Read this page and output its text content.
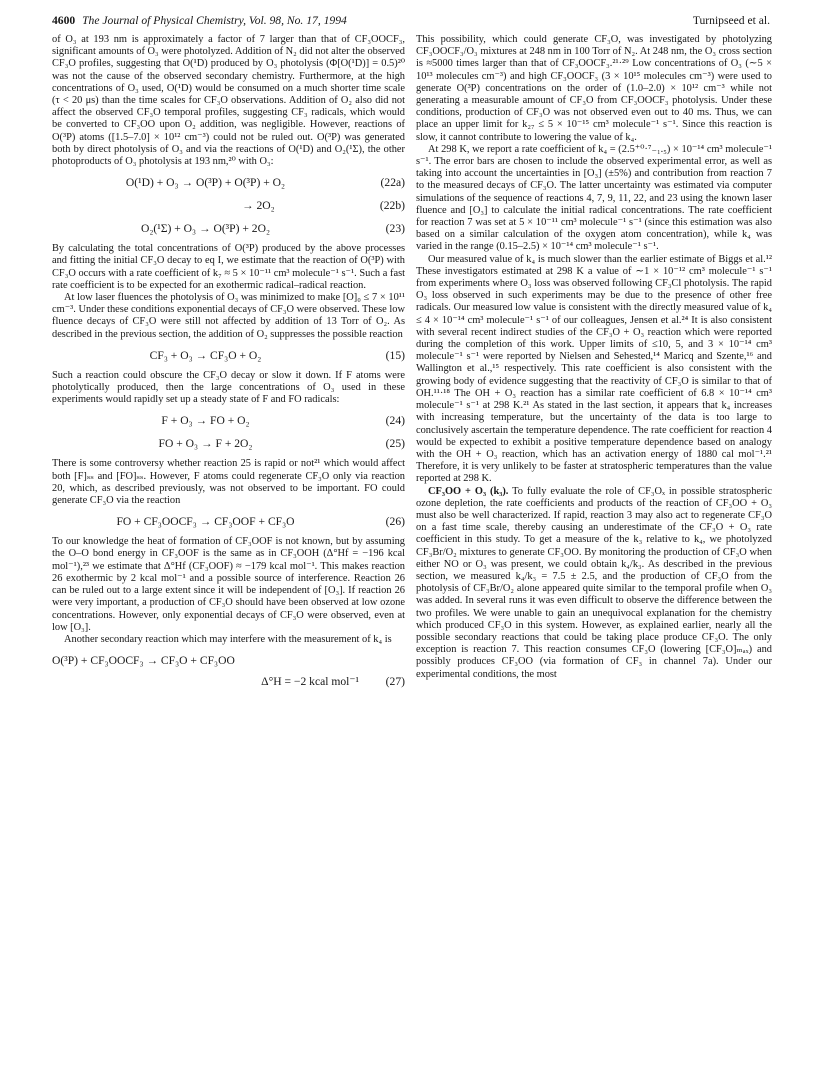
4600 The Journal of Physical Chemistry, Vol. 98, No. 17, 1994	Turnipseed et al.

of O₃ at 193 nm is approximately a factor of 7 larger than that of CF₃OOCF₃, significant amounts of O₃ were photolyzed. Addition of N₂ did not alter the observed CF₃O profiles, suggesting that O(¹D) produced by O₃ photolysis (Φ[O(¹D)] = 0.5)²⁰ was not the cause of the observed secondary chemistry. Furthermore, at the high concentrations of O₃ used, O(¹D) would be consumed on a much shorter time scale (τ < 20 μs) than the time scales for CF₃O observations. Addition of O₂ also did not affect the observed CF₃O temporal profiles, suggesting CF₃ radicals, which would be converted to CF₃OO upon O₂ addition, was negligible. However, reactions of O(³P) atoms ([1.5–7.0] × 10¹² cm⁻³) could not be ruled out. O(³P) was generated both by direct photolysis of O₃ and via the reactions of O(¹D) and O₂(¹Σ), the other photoproducts of O₃ photolysis at 193 nm,²⁰ with O₃:

O(¹D) + O₃ → O(³P) + O(³P) + O₂	(22a)
→ 2O₂	(22b)
O₂(¹Σ) + O₃ → O(³P) + 2O₂	(23)

By calculating the total concentrations of O(³P) produced by the above processes and fitting the initial CF₃O decay to eq I, we estimate that the reaction of O(³P) with CF₃O occurs with a rate coefficient of k₇ ≈ 5 × 10⁻¹¹ cm³ molecule⁻¹ s⁻¹. Such a fast rate coefficient is to be expected for an exothermic radical–radical reaction.

At low laser fluences the photolysis of O₃ was minimized to make [O]₀ ≤ 7 × 10¹¹ cm⁻³. Under these conditions exponential decays of CF₃O were observed. These low fluence decays of CF₃O were still not affected by addition of 13 Torr of O₂. As described in the previous section, the addition of O₂ suppresses the possible reaction

CF₃ + O₃ → CF₃O + O₂	(15)

Such a reaction could obscure the CF₃O decay or slow it down. If F atoms were photolytically produced, then the large concentrations of O₃ used in these experiments would rapidly set up a steady state of F and FO radicals:

F + O₃ → FO + O₂	(24)
FO + O₃ → F + 2O₂	(25)

There is some controversy whether reaction 25 is rapid or not²¹ which would affect both [F]ₛₛ and [FO]ₛₛ. However, F atoms could regenerate CF₃O only via reaction 20, which, as described previously, was not observed to be important. FO could generate CF₃O via the reaction

FO + CF₃OOCF₃ → CF₃OOF + CF₃O	(26)

To our knowledge the heat of formation of CF₃OOF is not known, but by assuming the O–O bond energy in CF₃OOF is the same as in CF₃OOH (Δ°Hf = −196 kcal mol⁻¹),²³ we estimate that Δ°Hf (CF₃OOF) ≈ −179 kcal mol⁻¹. This makes reaction 26 exothermic by 2 kcal mol⁻¹ and a possible source of interference. Reaction 26 can be ruled out to a large extent since it will be independent of [O₃]. If reaction 26 were very important, a production of CF₃O should have been observed at low ozone concentrations. However, only exponential decays of CF₃O were observed, even at low [O₃].

Another secondary reaction which may interfere with the measurement of k₄ is

O(³P) + CF₃OOCF₃ → CF₃O + CF₃OO
Δ°H = −2 kcal mol⁻¹ (27)

This possibility, which could generate CF₃O, was investigated by photolyzing CF₃OOCF₃/O₃ mixtures at 248 nm in 100 Torr of N₂. At 248 nm, the O₃ cross section is ≈5000 times larger than that of CF₃OOCF₃.²¹·²⁹ Low concentrations of O₃ (∼5 × 10¹³ molecules cm⁻³) and high CF₃OOCF₃ (3 × 10¹⁵ molecules cm⁻³) were used to generate O(³P) concentrations on the order of (1.0–2.0) × 10¹² cm⁻³ while not generating a measurable amount of CF₃O from CF₃OOCF₃ photolysis. Under these conditions, production of CF₃O was not observed even out to 40 ms. Thus, we can place an upper limit for k₂₇ ≤ 5 × 10⁻¹⁵ cm³ molecule⁻¹ s⁻¹. Since this reaction is slow, it cannot contribute to lowering the value of k₄.

At 298 K, we report a rate coefficient of k₄ = (2.5⁺⁰·⁷₋₁.₅) × 10⁻¹⁴ cm³ molecule⁻¹ s⁻¹. The error bars are chosen to include the observed experimental error, as well as taking into account the uncertainties in [O₃] (±5%) and contribution from reaction 7 to the measured decays of CF₃O. The latter uncertainty was estimated via computer simulations of the sequence of reactions 4, 7, 9, 11, 22, and 23 using the known laser fluence and [O₃] to calculate the initial radical concentrations. The rate coefficient for reaction 7 was set at 5 × 10⁻¹¹ cm³ molecule⁻¹ s⁻¹ (since this estimation was also based on a similar calculation of the oxygen atom concentration), while k₄ was varied in the range (0.15–2.5) × 10⁻¹⁴ cm³ molecule⁻¹ s⁻¹.

Our measured value of k₄ is much slower than the earlier estimate of Biggs et al.¹² These investigators estimated at 298 K a value of ∼1 × 10⁻¹² cm³ molecule⁻¹ s⁻¹ from experiments where O₃ loss was observed following CF₃Cl photolysis. The rapid O₃ loss observed in such experiments may be due to the presence of other free radicals. Our measured low value is consistent with the directly measured value of k₄ ≤ 4 × 10⁻¹⁴ cm³ molecule⁻¹ s⁻¹ of our colleagues, Jensen et al.²⁴ It is also consistent with several recent indirect studies of the CF₃O + O₃ reaction which were reported during the completion of this work. Upper limits of ≤10, 5, and 3 × 10⁻¹⁴ cm³ molecule⁻¹ s⁻¹ were reported by Nielsen and Sehested,¹⁴ Maricq and Szente,¹⁶ and Wallington et al.,¹⁵ respectively. This rate coefficient is also consistent with the growing body of evidence suggesting that the reactivity of CF₃O is similar to that of OH.¹¹·¹⁸ The OH + O₃ reaction has a similar rate coefficient of 6.8 × 10⁻¹⁴ cm³ molecule⁻¹ s⁻¹ at 298 K.²¹ As stated in the last section, it appears that k₄ increases with increasing temperature, but the uncertainty of the data is too large to conclusively ascertain the temperature dependence. The rate coefficient for reaction 4 would be expected to exhibit a positive temperature dependence based on analogy with the OH + O₃ reaction, which has an activation energy of 1880 cal mol⁻¹.²¹ Therefore, it is very unlikely to be faster at stratospheric temperatures than the value reported at 298 K.

CF₃OO + O₃ (k₃). To fully evaluate the role of CF₃Oₓ in possible stratospheric ozone depletion, the rate coefficients and products of the reaction of CF₃OO + O₃ must also be well characterized. If rapid, reaction 3 may also act to regenerate CF₃O on a fast time scale, thereby causing an underestimate of the CF₃O + O₃ rate coefficient in this study. To get a measure of the k₃ relative to k₄, we photolyzed CF₃Br/O₂ mixtures to generate CF₃OO. By monitoring the production of CF₃O when either NO or O₃ was present, we could obtain k₄/k₃. As described in the previous section, we measured k₄/k₃ = 7.5 ± 2.5, and the production of CF₃O from the photolysis of CF₃Br/O₂ alone appeared quite similar to the temporal profile when O₃ was added. In several runs it was even difficult to observe the difference between the two profiles. We were unable to gain an unequivocal explanation for the chemistry which produced CF₃O in this system. However, as explained earlier, nearly all the possible secondary reactions that could be taking place produce CF₃O. The only exception is reaction 7. This reaction consumes CF₃O (lowering [CF₃O]ₘₐₓ) and possibly produces CF₃OO (via formation of CF₃ in channel 7a). Under our experimental conditions, the most
